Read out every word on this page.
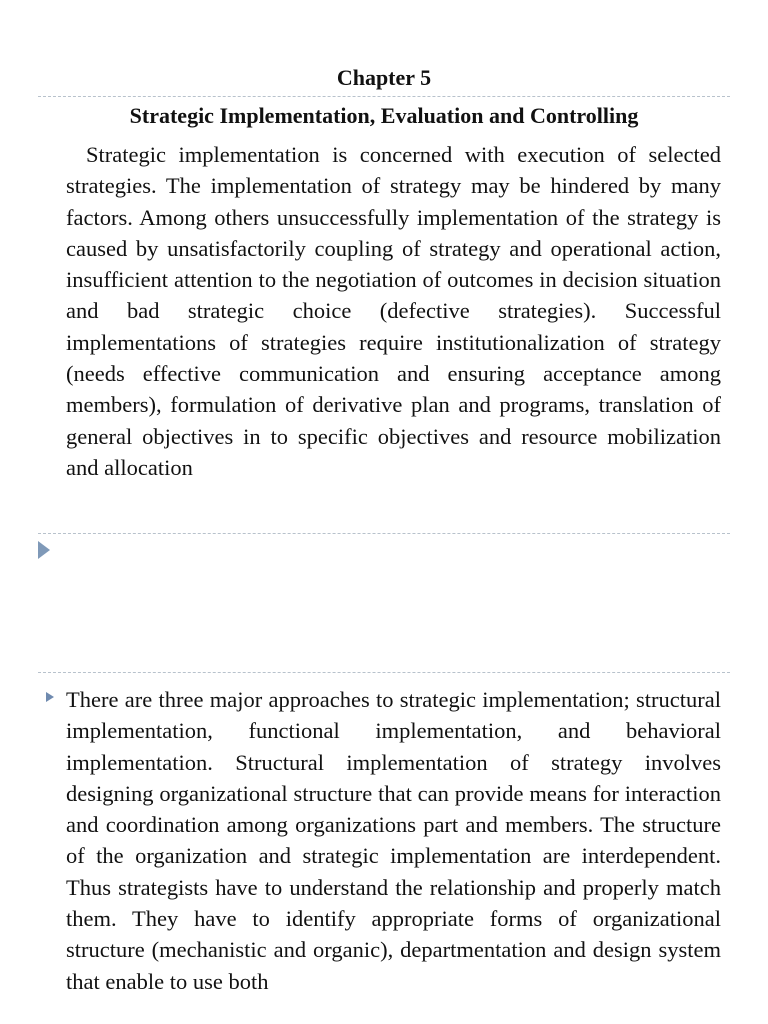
Chapter 5
Strategic Implementation, Evaluation and Controlling
Strategic implementation is concerned with execution of selected strategies. The implementation of strategy may be hindered by many factors. Among others unsuccessfully implementation of the strategy is caused by unsatisfactorily coupling of strategy and operational action, insufficient attention to the negotiation of outcomes in decision situation and bad strategic choice (defective strategies). Successful implementations of strategies require institutionalization of strategy (needs effective communication and ensuring acceptance among members), formulation of derivative plan and programs, translation of general objectives in to specific objectives and resource mobilization and allocation
There are three major approaches to strategic implementation; structural implementation, functional implementation, and behavioral implementation. Structural implementation of strategy involves designing organizational structure that can provide means for interaction and coordination among organizations part and members. The structure of the organization and strategic implementation are interdependent. Thus strategists have to understand the relationship and properly match them. They have to identify appropriate forms of organizational structure (mechanistic and organic), departmentation and design system that enable to use both
